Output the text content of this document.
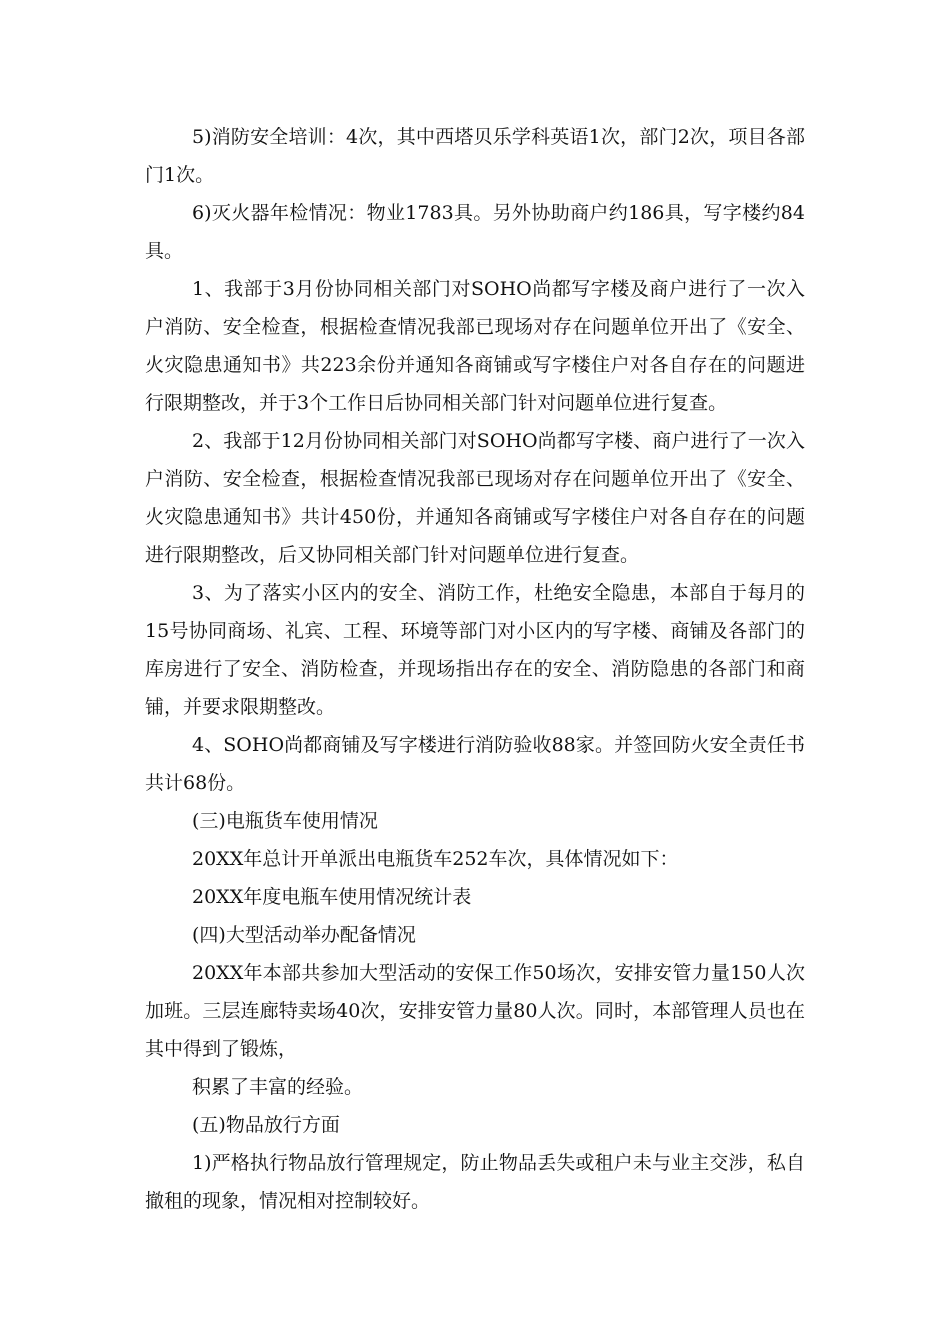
5)消防安全培训：4次，其中西塔贝乐学科英语1次，部门2次，项目各部门1次。

6)灭火器年检情况：物业1783具。另外协助商户约186具，写字楼约84具。

1、我部于3月份协同相关部门对SOHO尚都写字楼及商户进行了一次入户消防、安全检查，根据检查情况我部已现场对存在问题单位开出了《安全、火灾隐患通知书》共223余份并通知各商铺或写字楼住户对各自存在的问题进行限期整改，并于3个工作日后协同相关部门针对问题单位进行复查。

2、我部于12月份协同相关部门对SOHO尚都写字楼、商户进行了一次入户消防、安全检查，根据检查情况我部已现场对存在问题单位开出了《安全、火灾隐患通知书》共计450份，并通知各商铺或写字楼住户对各自存在的问题进行限期整改，后又协同相关部门针对问题单位进行复查。

3、为了落实小区内的安全、消防工作，杜绝安全隐患，本部自于每月的15号协同商场、礼宾、工程、环境等部门对小区内的写字楼、商铺及各部门的库房进行了安全、消防检查，并现场指出存在的安全、消防隐患的各部门和商铺，并要求限期整改。

4、SOHO尚都商铺及写字楼进行消防验收88家。并签回防火安全责任书共计68份。

(三)电瓶货车使用情况

20XX年总计开单派出电瓶货车252车次，具体情况如下：

20XX年度电瓶车使用情况统计表

(四)大型活动举办配备情况

20XX年本部共参加大型活动的安保工作50场次，安排安管力量150人次加班。三层连廊特卖场40次，安排安管力量80人次。同时，本部管理人员也在其中得到了锻炼，

积累了丰富的经验。

(五)物品放行方面

1)严格执行物品放行管理规定，防止物品丢失或租户未与业主交涉，私自撤租的现象，情况相对控制较好。
